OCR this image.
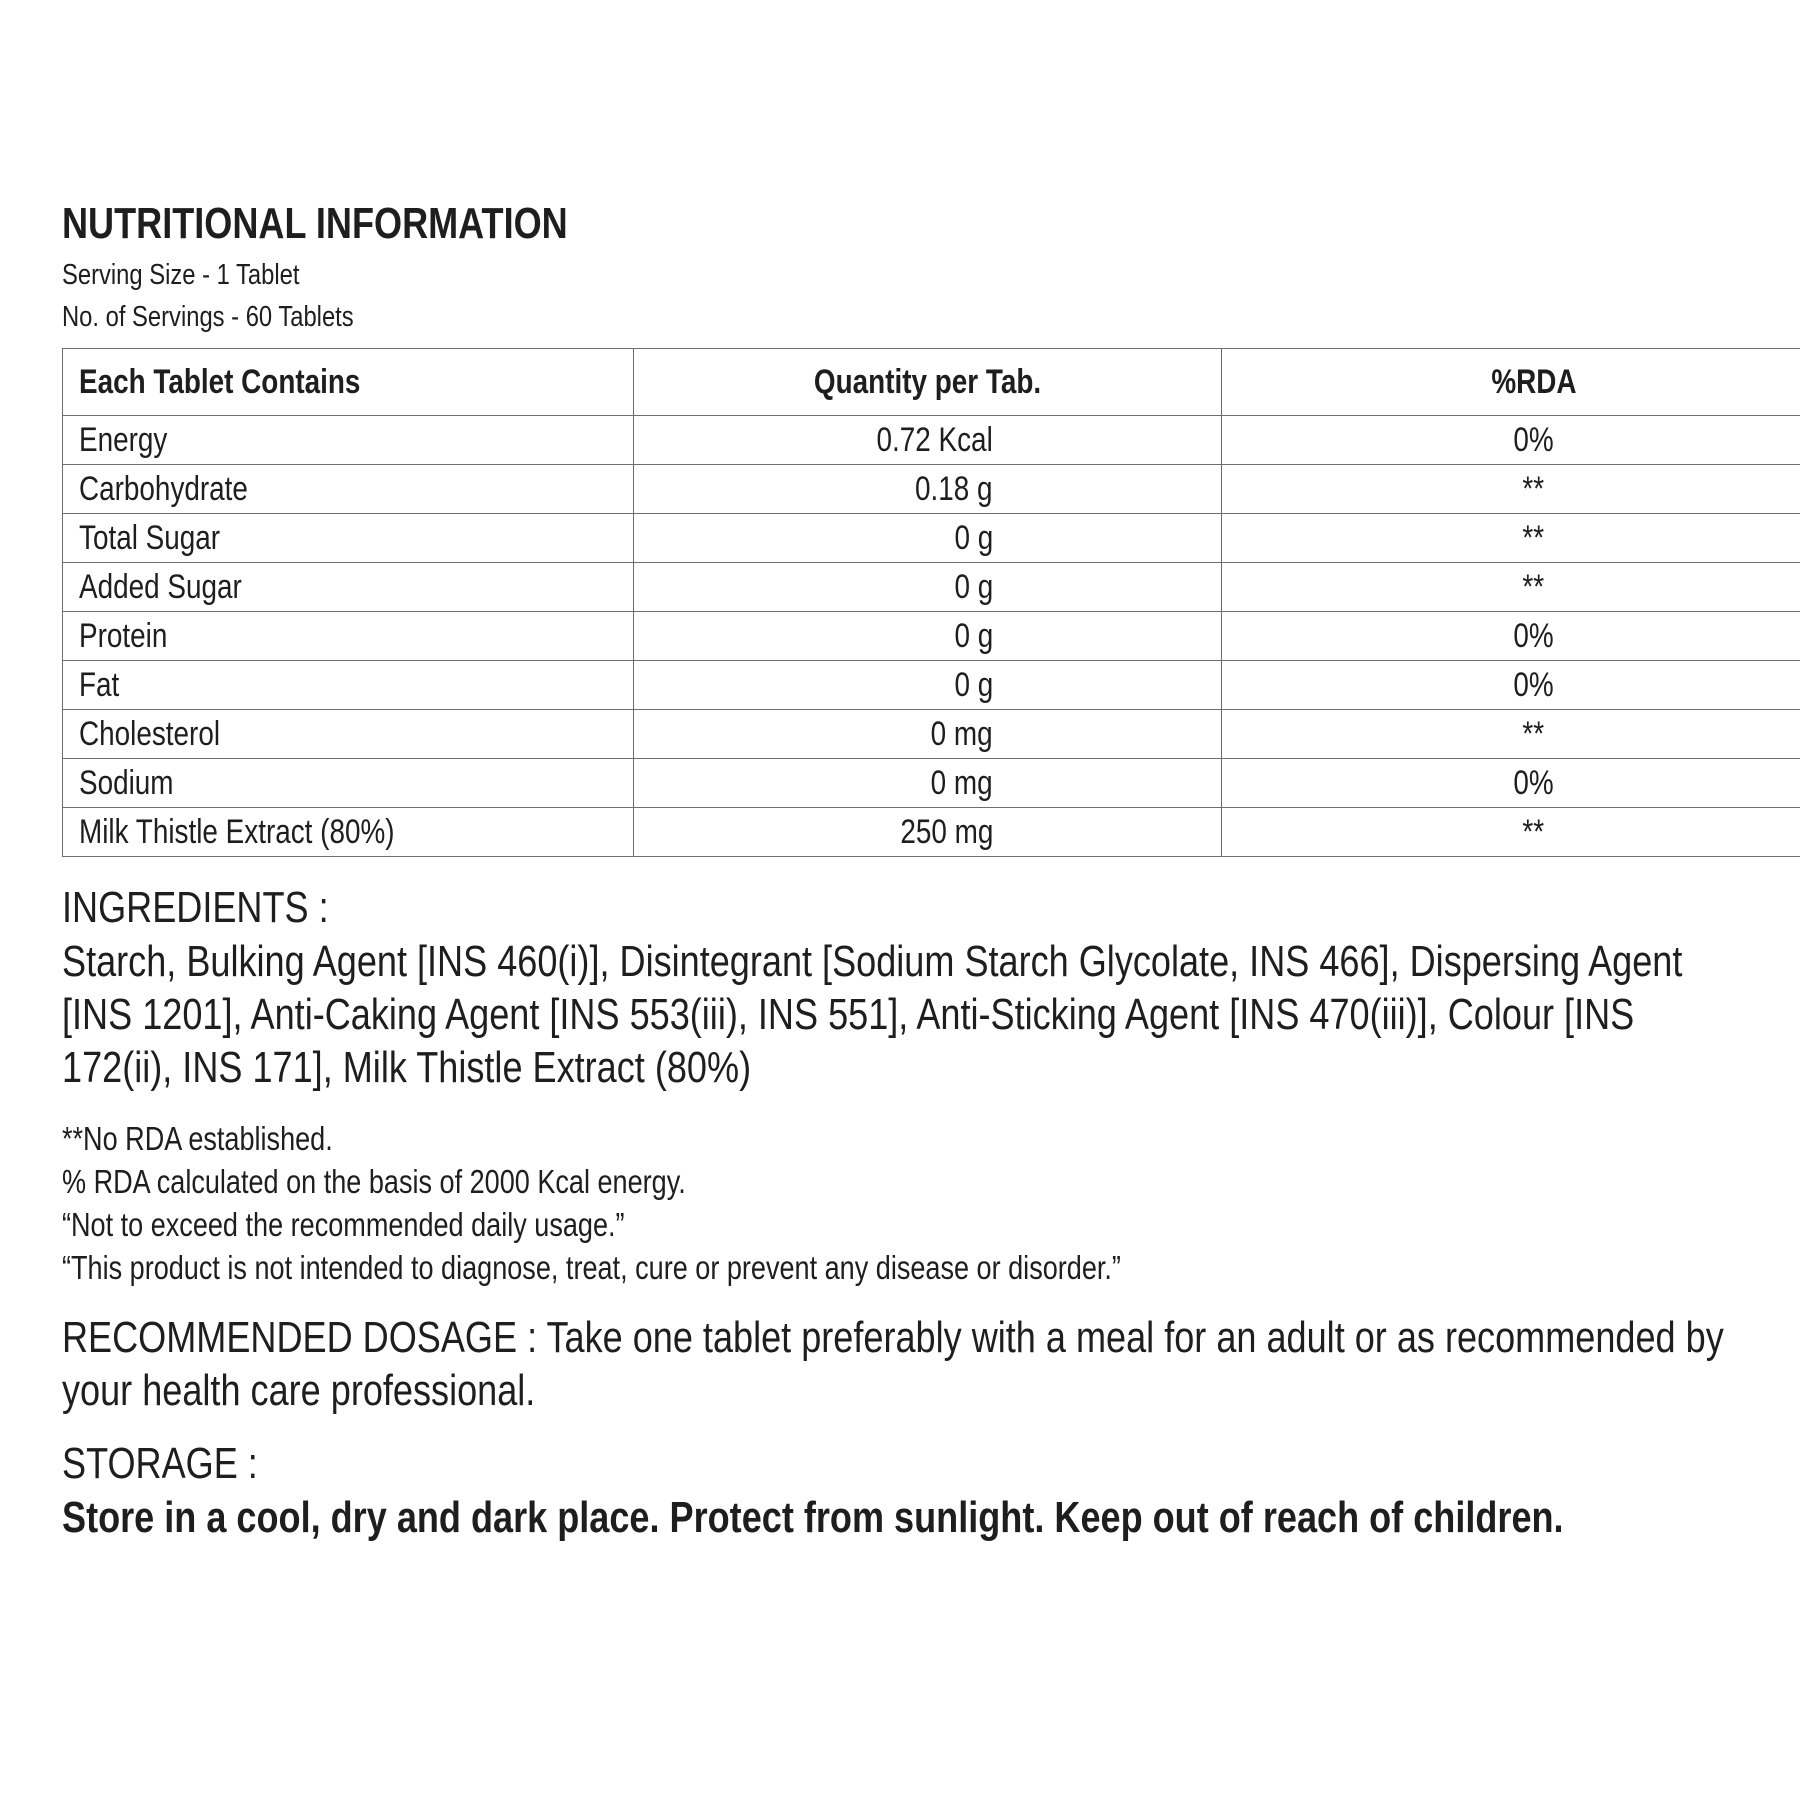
NUTRITIONAL INFORMATION
Serving Size - 1 Tablet
No. of Servings - 60 Tablets
Each Tablet Contains	Quantity per Tab.	%RDA
Energy	0.72 Kcal	0%
Carbohydrate	0.18 g	**
Total Sugar	0 g	**
Added Sugar	0 g	**
Protein	0 g	0%
Fat	0 g	0%
Cholesterol	0 mg	**
Sodium	0 mg	0%
Milk Thistle Extract (80%)	250 mg	**
INGREDIENTS :
Starch, Bulking Agent [INS 460(i)], Disintegrant [Sodium Starch Glycolate, INS 466], Dispersing Agent [INS 1201], Anti-Caking Agent [INS 553(iii), INS 551], Anti-Sticking Agent [INS 470(iii)], Colour [INS 172(ii), INS 171], Milk Thistle Extract (80%)
**No RDA established.
% RDA calculated on the basis of 2000 Kcal energy.
“Not to exceed the recommended daily usage.”
“This product is not intended to diagnose, treat, cure or prevent any disease or disorder.”
RECOMMENDED DOSAGE : Take one tablet preferably with a meal for an adult or as recommended by your health care professional.
STORAGE :
Store in a cool, dry and dark place. Protect from sunlight. Keep out of reach of children.
